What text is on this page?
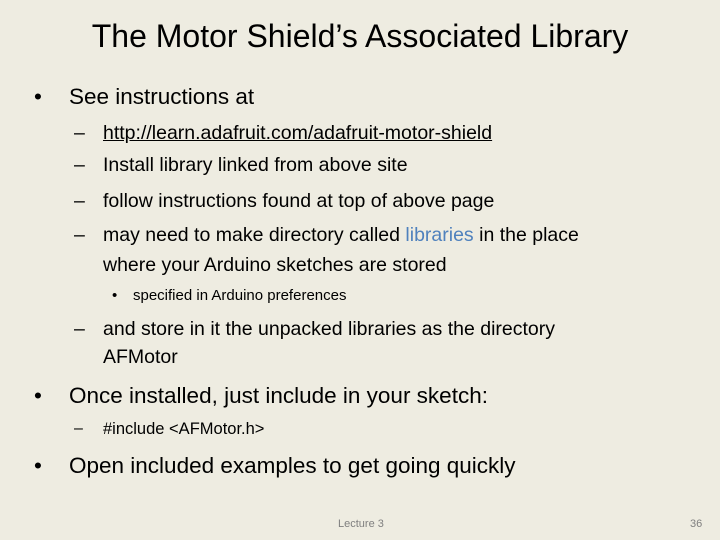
The Motor Shield’s Associated Library
• See instructions at
– http://learn.adafruit.com/adafruit-motor-shield
– Install library linked from above site
– follow instructions found at top of above page
– may need to make directory called libraries in the place
where your Arduino sketches are stored
• specified in Arduino preferences
– and store in it the unpacked libraries as the directory
AFMotor
• Once installed, just include in your sketch:
– #include <AFMotor.h>
• Open included examples to get going quickly
Lecture 3	36
